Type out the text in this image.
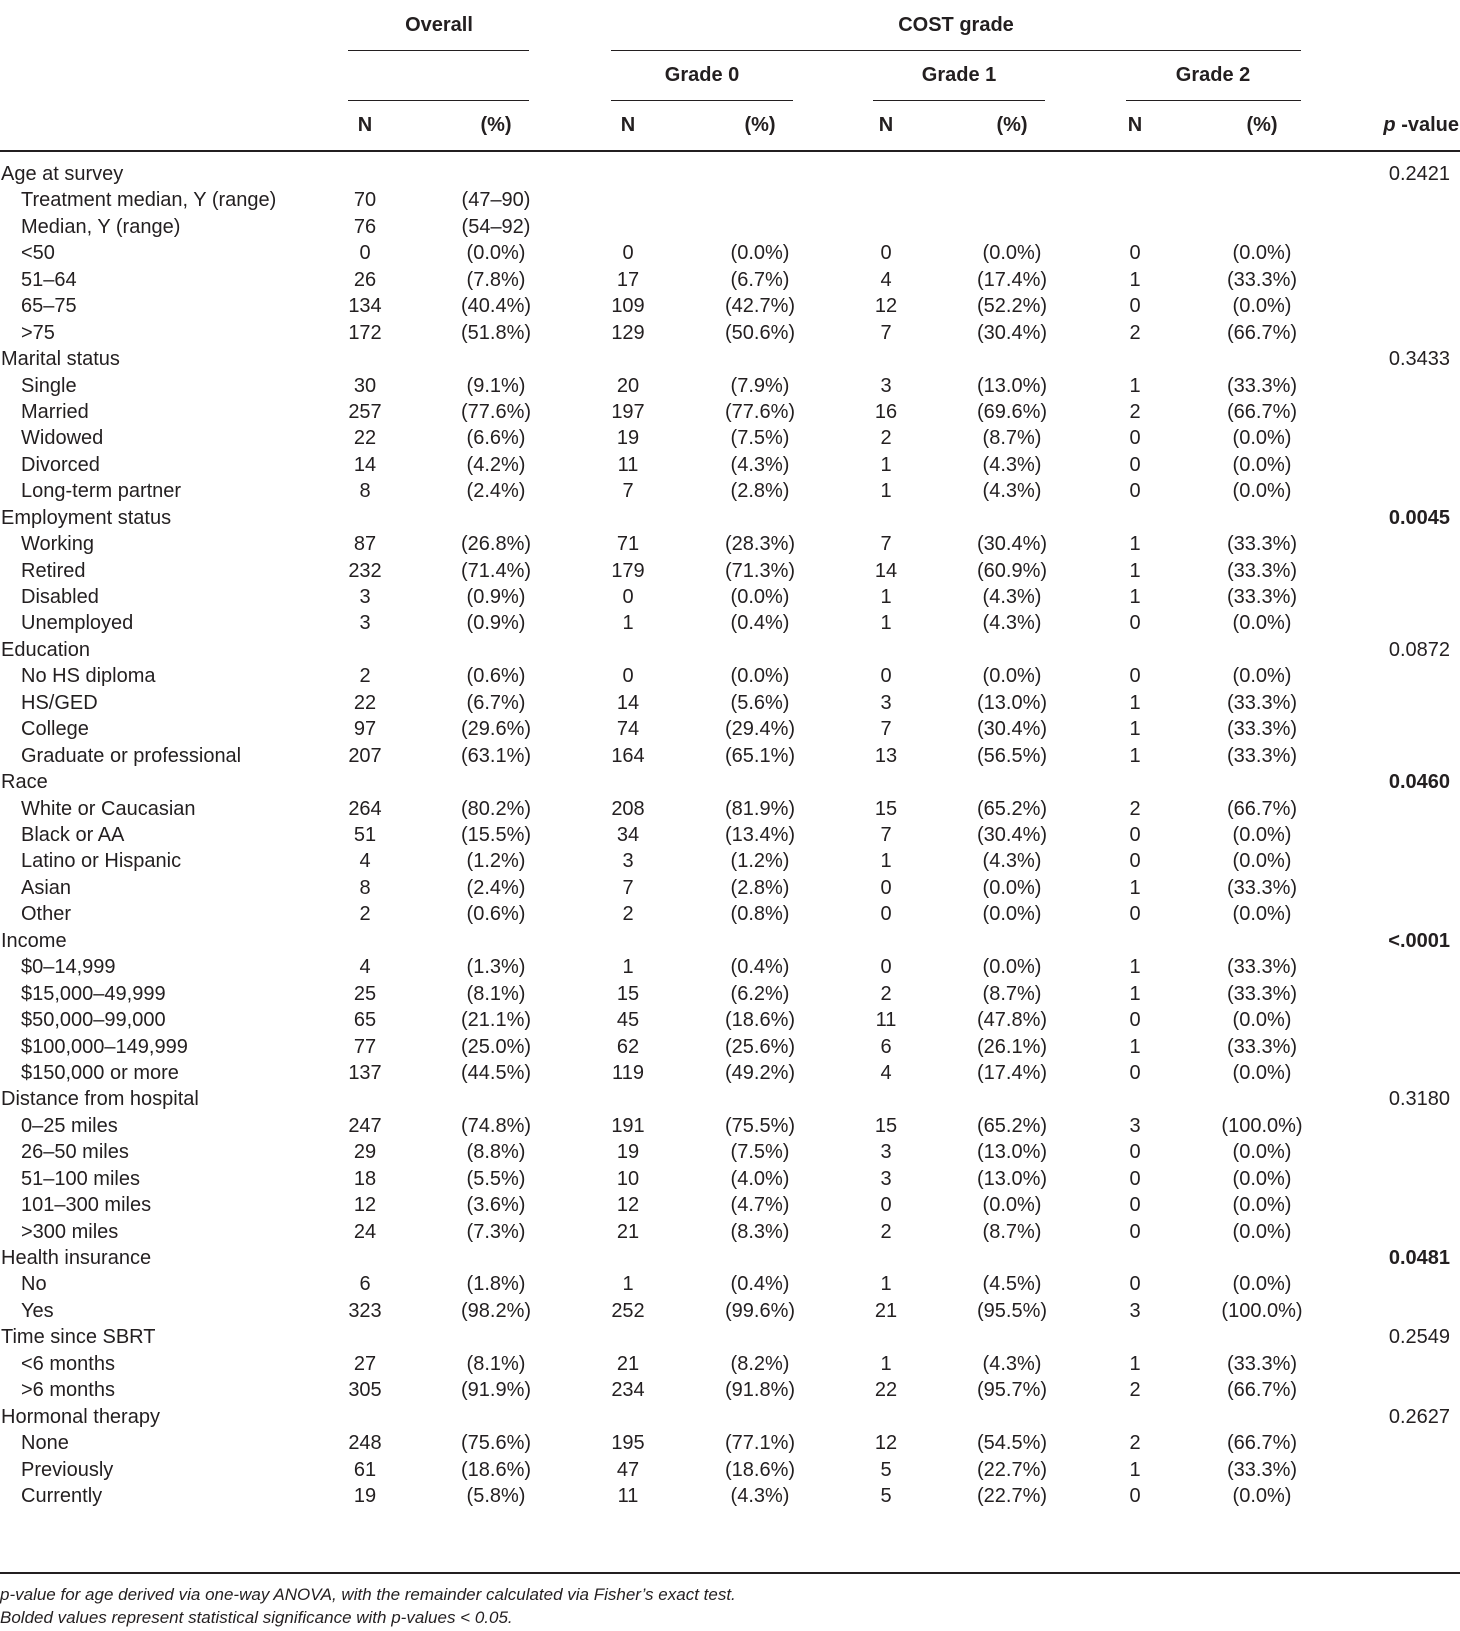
Overall	COST grade
Grade 0	Grade 1	Grade 2
N	(%)	N	(%)	N	(%)	N	(%)	p -value
Age at survey	0.2421
Treatment median, Y (range)	70	(47–90)
Median, Y (range)	76	(54–92)
<50	0	(0.0%)	0	(0.0%)	0	(0.0%)	0	(0.0%)
51–64	26	(7.8%)	17	(6.7%)	4	(17.4%)	1	(33.3%)
65–75	134	(40.4%)	109	(42.7%)	12	(52.2%)	0	(0.0%)
>75	172	(51.8%)	129	(50.6%)	7	(30.4%)	2	(66.7%)
Marital status	0.3433
Single	30	(9.1%)	20	(7.9%)	3	(13.0%)	1	(33.3%)
Married	257	(77.6%)	197	(77.6%)	16	(69.6%)	2	(66.7%)
Widowed	22	(6.6%)	19	(7.5%)	2	(8.7%)	0	(0.0%)
Divorced	14	(4.2%)	11	(4.3%)	1	(4.3%)	0	(0.0%)
Long-term partner	8	(2.4%)	7	(2.8%)	1	(4.3%)	0	(0.0%)
Employment status	0.0045
Working	87	(26.8%)	71	(28.3%)	7	(30.4%)	1	(33.3%)
Retired	232	(71.4%)	179	(71.3%)	14	(60.9%)	1	(33.3%)
Disabled	3	(0.9%)	0	(0.0%)	1	(4.3%)	1	(33.3%)
Unemployed	3	(0.9%)	1	(0.4%)	1	(4.3%)	0	(0.0%)
Education	0.0872
No HS diploma	2	(0.6%)	0	(0.0%)	0	(0.0%)	0	(0.0%)
HS/GED	22	(6.7%)	14	(5.6%)	3	(13.0%)	1	(33.3%)
College	97	(29.6%)	74	(29.4%)	7	(30.4%)	1	(33.3%)
Graduate or professional	207	(63.1%)	164	(65.1%)	13	(56.5%)	1	(33.3%)
Race	0.0460
White or Caucasian	264	(80.2%)	208	(81.9%)	15	(65.2%)	2	(66.7%)
Black or AA	51	(15.5%)	34	(13.4%)	7	(30.4%)	0	(0.0%)
Latino or Hispanic	4	(1.2%)	3	(1.2%)	1	(4.3%)	0	(0.0%)
Asian	8	(2.4%)	7	(2.8%)	0	(0.0%)	1	(33.3%)
Other	2	(0.6%)	2	(0.8%)	0	(0.0%)	0	(0.0%)
Income	<.0001
$0–14,999	4	(1.3%)	1	(0.4%)	0	(0.0%)	1	(33.3%)
$15,000–49,999	25	(8.1%)	15	(6.2%)	2	(8.7%)	1	(33.3%)
$50,000–99,000	65	(21.1%)	45	(18.6%)	11	(47.8%)	0	(0.0%)
$100,000–149,999	77	(25.0%)	62	(25.6%)	6	(26.1%)	1	(33.3%)
$150,000 or more	137	(44.5%)	119	(49.2%)	4	(17.4%)	0	(0.0%)
Distance from hospital	0.3180
0–25 miles	247	(74.8%)	191	(75.5%)	15	(65.2%)	3	(100.0%)
26–50 miles	29	(8.8%)	19	(7.5%)	3	(13.0%)	0	(0.0%)
51–100 miles	18	(5.5%)	10	(4.0%)	3	(13.0%)	0	(0.0%)
101–300 miles	12	(3.6%)	12	(4.7%)	0	(0.0%)	0	(0.0%)
>300 miles	24	(7.3%)	21	(8.3%)	2	(8.7%)	0	(0.0%)
Health insurance	0.0481
No	6	(1.8%)	1	(0.4%)	1	(4.5%)	0	(0.0%)
Yes	323	(98.2%)	252	(99.6%)	21	(95.5%)	3	(100.0%)
Time since SBRT	0.2549
<6 months	27	(8.1%)	21	(8.2%)	1	(4.3%)	1	(33.3%)
>6 months	305	(91.9%)	234	(91.8%)	22	(95.7%)	2	(66.7%)
Hormonal therapy	0.2627
None	248	(75.6%)	195	(77.1%)	12	(54.5%)	2	(66.7%)
Previously	61	(18.6%)	47	(18.6%)	5	(22.7%)	1	(33.3%)
Currently	19	(5.8%)	11	(4.3%)	5	(22.7%)	0	(0.0%)
p-value for age derived via one-way ANOVA, with the remainder calculated via Fisher’s exact test.
Bolded values represent statistical significance with p-values < 0.05.
